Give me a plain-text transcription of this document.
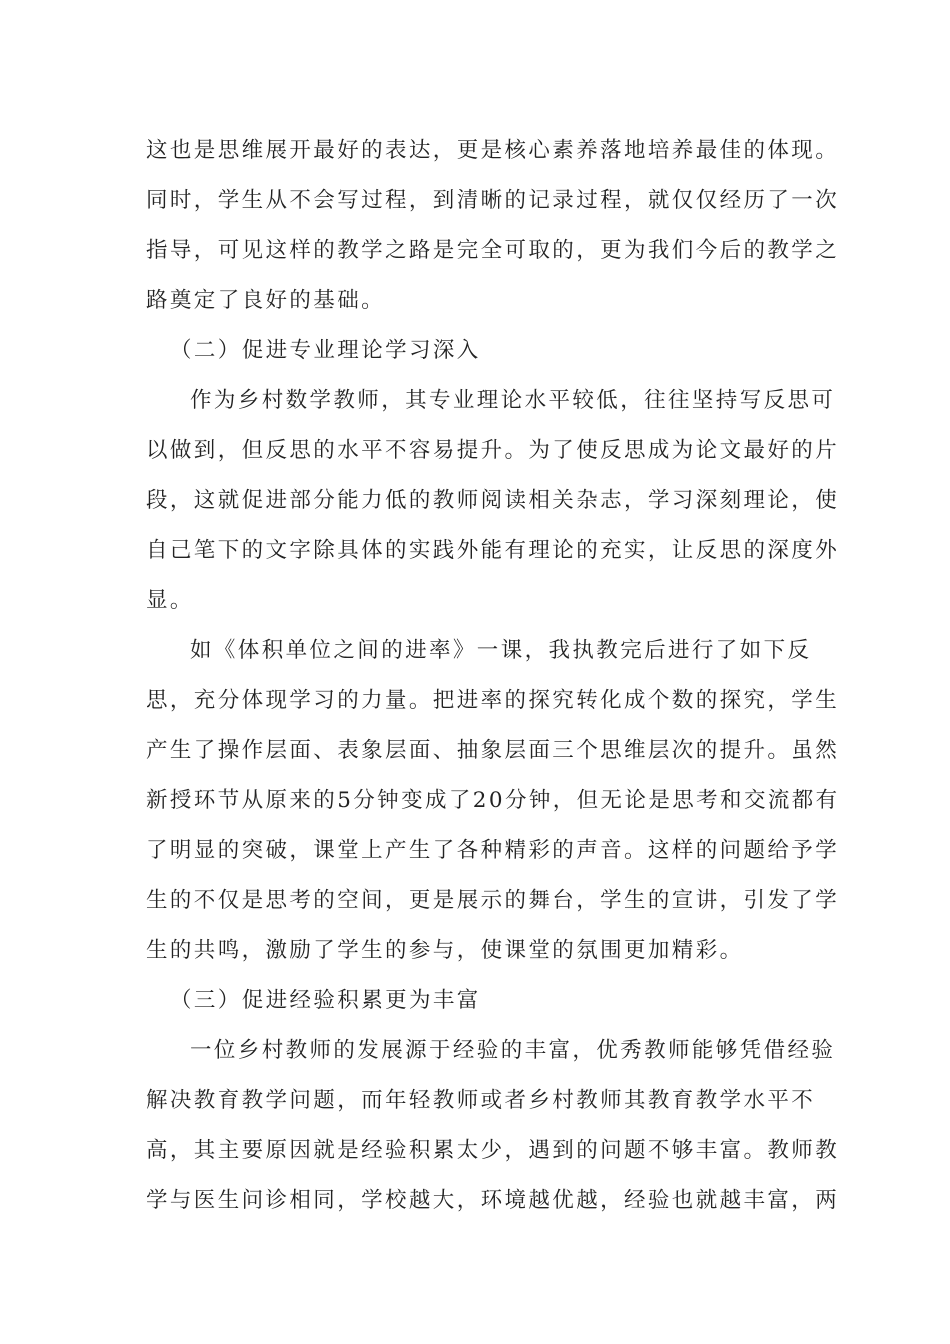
这也是思维展开最好的表达，更是核心素养落地培养最佳的体现。
同时，学生从不会写过程，到清晰的记录过程，就仅仅经历了一次
指导，可见这样的教学之路是完全可取的，更为我们今后的教学之
路奠定了良好的基础。
（二）促进专业理论学习深入
作为乡村数学教师，其专业理论水平较低，往往坚持写反思可
以做到，但反思的水平不容易提升。为了使反思成为论文最好的片
段，这就促进部分能力低的教师阅读相关杂志，学习深刻理论，使
自己笔下的文字除具体的实践外能有理论的充实，让反思的深度外
显。
如《体积单位之间的进率》一课，我执教完后进行了如下反
思，充分体现学习的力量。把进率的探究转化成个数的探究，学生
产生了操作层面、表象层面、抽象层面三个思维层次的提升。虽然
新授环节从原来的5分钟变成了20分钟，但无论是思考和交流都有
了明显的突破，课堂上产生了各种精彩的声音。这样的问题给予学
生的不仅是思考的空间，更是展示的舞台，学生的宣讲，引发了学
生的共鸣，激励了学生的参与，使课堂的氛围更加精彩。
（三）促进经验积累更为丰富
一位乡村教师的发展源于经验的丰富，优秀教师能够凭借经验
解决教育教学问题，而年轻教师或者乡村教师其教育教学水平不
高，其主要原因就是经验积累太少，遇到的问题不够丰富。教师教
学与医生问诊相同，学校越大，环境越优越，经验也就越丰富，两
